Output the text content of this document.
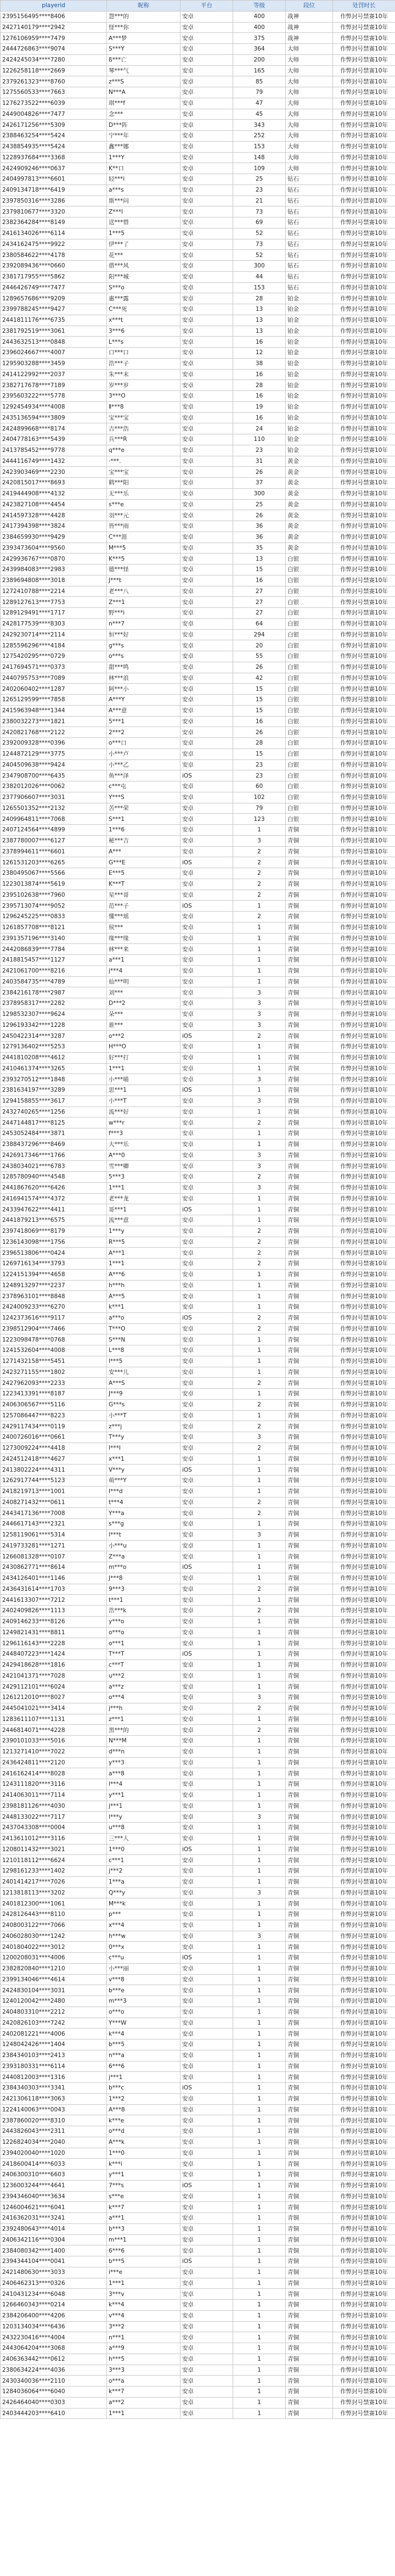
playerid	昵称	平台	等级	段位	处罚时长
2395156495****8406	怨***的	安卓	400	战神	作弊封号禁赛10年
2427140179****2942	怪***你	安卓	400	战神	作弊封号禁赛10年
1276106959****7479	A***梦	安卓	375	战神	作弊封号禁赛10年
2444726863****9074	S***Y	安卓	364	大师	作弊封号禁赛10年
2424245034****7280	ß***亡	安卓	200	大师	作弊封号禁赛10年
1226258118****2669	琴***气	安卓	165	大师	作弊封号禁赛10年
2379261323****8760	z***S	安卓	85	大师	作弊封号禁赛10年
1275560533****7663	N***A	安卓	79	大师	作弊封号禁赛10年
1276273522****6039	琪***f	安卓	47	大师	作弊封号禁赛10年
2449004826****7477	念***	安卓	45	大师	作弊封号禁赛10年
2426171256****5309	D***阵	安卓	343	大师	作弊封号禁赛10年
2388463254****5424	宁***年	安卓	252	大师	作弊封号禁赛10年
2438854935****5424	鑫***娜	安卓	153	大师	作弊封号禁赛10年
1228937684****3368	1***Y	安卓	148	大师	作弊封号禁赛10年
2424909246****0637	K**口	安卓	109	大师	作弊封号禁赛10年
2404997813****6601	轻***i	安卓	25	钻石	作弊封号禁赛10年
2409134718****6419	a***s	安卓	23	钻石	作弊封号禁赛10年
2397850316****3286	斯***问	安卓	21	钻石	作弊封号禁赛10年
2379810677****3320	Z***l	安卓	73	钻石	作弊封号禁赛10年
2382364284****8149	送***惜	安卓	69	钻石	作弊封号禁赛10年
2416134026****6114	1***5	安卓	52	钻石	作弊封号禁赛10年
2434162475****9922	伊***了	安卓	73	钻石	作弊封号禁赛10年
2380584622****4178	花***	安卓	52	钻石	作弊封号禁赛10年
2392089436****0660	借***风	安卓	300	钻石	作弊封号禁赛10年
2381717955****5862	阳***城	安卓	44	钻石	作弊封号禁赛10年
2446426749****7477	S***o	安卓	153	钻石	作弊封号禁赛10年
1289657686****9209	惠***露	安卓	28	铂金	作弊封号禁赛10年
2399788245****9427	C***死	安卓	13	铂金	作弊封号禁赛10年
2441811176****6735	x***t	安卓	13	铂金	作弊封号禁赛10年
2381792519****3061	3***6	安卓	13	铂金	作弊封号禁赛10年
2443632513****0848	L***s	安卓	16	铂金	作弊封号禁赛10年
2396024667****4007	口***口	安卓	12	铂金	作弊封号禁赛10年
1295903288****3459	浩***子	安卓	38	铂金	作弊封号禁赛10年
2414122992****2037	朱***末	安卓	16	铂金	作弊封号禁赛10年
2382717678****7189	岁***岁	安卓	28	铂金	作弊封号禁赛10年
2395603222****5778	3***O	安卓	16	铂金	作弊封号禁赛10年
1292454934****4008	Ⅱ***8	安卓	19	铂金	作弊封号禁赛10年
2435136594****3809	宝***宝	安卓	16	铂金	作弊封号禁赛10年
2424899668****8174	吉***浩	安卓	24	铂金	作弊封号禁赛10年
2404778163****5439	兵***R	安卓	110	铂金	作弊封号禁赛10年
2413785452****9778	q***e	安卓	23	铂金	作弊封号禁赛10年
2444116749****1432	·***.	安卓	31	黄金	作弊封号禁赛10年
2423903469****2230	宝***宝	安卓	26	黄金	作弊封号禁赛10年
2420815017****8693	鹤***阳	安卓	37	黄金	作弊封号禁赛10年
2419444908****4132	无***乐	安卓	300	黄金	作弊封号禁赛10年
2423827108****4454	s***e	安卓	25	黄金	作弊封号禁赛10年
2414597328****4428	羽***元	安卓	26	黄金	作弊封号禁赛10年
2417394398****3824	皆***雨	安卓	36	黄金	作弊封号禁赛10年
2384659930****9429	C***涯	安卓	36	黄金	作弊封号禁赛10年
2393473604****9560	M***5	安卓	35	黄金	作弊封号禁赛10年
2429936767****0870	K***5	安卓	13	白银	作弊封号禁赛10年
2439984083****2983	德***怪	安卓	15	白银	作弊封号禁赛10年
2389694808****3018	J***t	安卓	16	白银	作弊封号禁赛10年
1272410788****2214	老***八	安卓	27	白银	作弊封号禁赛10年
1289127613****7753	Z***1	安卓	27	白银	作弊封号禁赛10年
1289129491****1717	野***i	安卓	27	白银	作弊封号禁赛10年
2428177539****8303	n***7	安卓	64	白银	作弊封号禁赛10年
2429230714****2114	恒***好	安卓	294	白银	作弊封号禁赛10年
1285596296****4184	g***s	安卓	20	白银	作弊封号禁赛10年
1275420295****0729	o***s	安卓	55	白银	作弊封号禁赛10年
2417694571****0373	甜***鸣	安卓	26	白银	作弊封号禁赛10年
2440795753****7089	林***浪	安卓	42	白银	作弊封号禁赛10年
2402060402****1287	阿***小	安卓	15	白银	作弊封号禁赛10年
1265129599****7858	A***Y	安卓	15	白银	作弊封号禁赛10年
2415963948****1344	A***意	安卓	15	白银	作弊封号禁赛10年
2380032273****1821	5***1	安卓	16	白银	作弊封号禁赛10年
2420821768****2122	2***2	安卓	26	白银	作弊封号禁赛10年
2392009328****0396	o***口	安卓	28	白银	作弊封号禁赛10年
1244872129****3775	小***卢	安卓	15	白银	作弊封号禁赛10年
2404509638****9424	小***乙	安卓	23	白银	作弊封号禁赛10年
2347908700****6435	鱼***泽	iOS	23	白银	作弊封号禁赛10年
2382012026****0062	c***屯	安卓	60	白银	作弊封号禁赛10年
2377906607****3031	Y***S	安卓	102	白银	作弊封号禁赛10年
1265501352****2132	苦***荣	安卓	79	白银	作弊封号禁赛10年
2409964811****7068	S***1	安卓	123	白银	作弊封号禁赛10年
2407124564****4899	1***6	安卓	1	青铜	作弊封号禁赛10年
2387780007****6127	秘***吉	安卓	3	青铜	作弊封号禁赛10年
2378994611****6601	A***	安卓	2	青铜	作弊封号禁赛10年
1261531203****6265	G***E	iOS	2	青铜	作弊封号禁赛10年
2380495067****5566	E***5	安卓	2	青铜	作弊封号禁赛10年
1223013874****5619	K***T	安卓	2	青铜	作弊封号禁赛10年
2395102638****7960	星***哥	安卓	2	青铜	作弊封号禁赛10年
2395713074****9052	范***子	iOS	1	青铜	作弊封号禁赛10年
1296245225****0833	懂***瑶	安卓	2	青铜	作弊封号禁赛10年
1261857708****8121	侯***	安卓	1	青铜	作弊封号禁赛10年
2391357196****3140	缘***缘	安卓	1	青铜	作弊封号禁赛10年
2442086839****7784	林***来	安卓	1	青铜	作弊封号禁赛10年
2418815457****1127	a***1	安卓	1	青铜	作弊封号禁赛10年
2421061700****8216	j***4	安卓	1	青铜	作弊封号禁赛10年
2403584735****4789	仙***明	安卓	1	青铜	作弊封号禁赛10年
2384216178****2987	刘***	安卓	3	青铜	作弊封号禁赛10年
2378958317****2282	D***2	安卓	3	青铜	作弊封号禁赛10年
1298532307****9624	朵***	安卓	3	青铜	作弊封号禁赛10年
1296193342****1228	谁***	安卓	3	青铜	作弊封号禁赛10年
2450422314****3287	o***2	iOS	2	青铜	作弊封号禁赛10年
1279136402****5253	H***O	安卓	1	青铜	作弊封号禁赛10年
2441810208****4612	好***打	安卓	1	青铜	作弊封号禁赛10年
2410461374****3265	1***1	安卓	1	青铜	作弊封号禁赛10年
2393270512****1848	小***喵	安卓	3	青铜	作弊封号禁赛10年
2381634197****3289	思***1	iOS	1	青铜	作弊封号禁赛10年
1294158855****3617	小***T	安卓	3	青铜	作弊封号禁赛10年
2432740265****1256	流***好	安卓	1	青铜	作弊封号禁赛10年
2447144817****8125	w***r	安卓	2	青铜	作弊封号禁赛10年
2453052484****3871	f***3	安卓	1	青铜	作弊封号禁赛10年
2388437296****8469	大***乐	安卓	1	青铜	作弊封号禁赛10年
2426917346****1766	A***0	安卓	3	青铜	作弊封号禁赛10年
2438034021****6783	雪***卿	安卓	3	青铜	作弊封号禁赛10年
1285780940****4548	5***3	安卓	2	青铜	作弊封号禁赛10年
2441867620****6426	1***1	安卓	3	青铜	作弊封号禁赛10年
2416941574****4372	老***龙	安卓	1	青铜	作弊封号禁赛10年
2433947622****4411	哥***1	iOS	1	青铜	作弊封号禁赛10年
2441879213****6575	流***意	安卓	1	青铜	作弊封号禁赛10年
2397418069****8179	1***y	安卓	2	青铜	作弊封号禁赛10年
1236143098****1756	R***5	安卓	2	青铜	作弊封号禁赛10年
2396513806****0424	A***1	安卓	2	青铜	作弊封号禁赛10年
1269716134****3793	1***1	安卓	2	青铜	作弊封号禁赛10年
1224151394****4658	A***6	安卓	1	青铜	作弊封号禁赛10年
1248913297****2237	h***h	安卓	1	青铜	作弊封号禁赛10年
2378963101****8848	A***5	安卓	1	青铜	作弊封号禁赛10年
2424009233****6270	k***1	安卓	1	青铜	作弊封号禁赛10年
1242373616****9117	a***o	iOS	2	青铜	作弊封号禁赛10年
2398512904****7466	T***O	安卓	2	青铜	作弊封号禁赛10年
1223098478****0768	S***N	安卓	1	青铜	作弊封号禁赛10年
1241532604****4008	L***8	安卓	1	青铜	作弊封号禁赛10年
1271432158****5451	l***5	安卓	1	青铜	作弊封号禁赛10年
2423271155****1802	安***儿	安卓	1	青铜	作弊封号禁赛10年
2427962093****2233	A***S	安卓	2	青铜	作弊封号禁赛10年
1223413391****8187	J***9	安卓	1	青铜	作弊封号禁赛10年
2406306567****5116	G***s	安卓	2	青铜	作弊封号禁赛10年
1257086447****8223	小***T	安卓	1	青铜	作弊封号禁赛10年
2429117434****0119	z***j	安卓	2	青铜	作弊封号禁赛10年
2400726016****0661	T***y	安卓	3	青铜	作弊封号禁赛10年
1273009224****4418	I***I	安卓	2	青铜	作弊封号禁赛10年
2424512418****4627	x***1	安卓	1	青铜	作弊封号禁赛10年
2413802224****4311	V***y	iOS	1	青铜	作弊封号禁赛10年
1262917744****5123	萌***Y	安卓	1	青铜	作弊封号禁赛10年
2418219713****1001	I***d	安卓	1	青铜	作弊封号禁赛10年
2408271432****0611	t***4	安卓	2	青铜	作弊封号禁赛10年
2443417136****7008	Y***a	安卓	2	青铜	作弊封号禁赛10年
2446617143****2321	s***g	安卓	1	青铜	作弊封号禁赛10年
1258119061****5314	l***t	安卓	3	青铜	作弊封号禁赛10年
2419733281****1271	小***u	安卓	1	青铜	作弊封号禁赛10年
1266081328****0107	Z***a	安卓	1	青铜	作弊封号禁赛10年
2430862771****8614	m***o	iOS	1	青铜	作弊封号禁赛10年
2434126401****1146	J***8	安卓	1	青铜	作弊封号禁赛10年
2436431614****1703	9***3	安卓	2	青铜	作弊封号禁赛10年
2441613307****7212	t***1	安卓	1	青铜	作弊封号禁赛10年
2402409826****1113	浩***k	安卓	2	青铜	作弊封号禁赛10年
2409146233****8126	y***o	安卓	1	青铜	作弊封号禁赛10年
1249821431****8811	o***o	安卓	1	青铜	作弊封号禁赛10年
1296116143****2228	o***1	安卓	1	青铜	作弊封号禁赛10年
2448407223****1424	T***T	iOS	1	青铜	作弊封号禁赛10年
2429418628****1816	c***T	安卓	1	青铜	作弊封号禁赛10年
2421041371****7028	u***2	安卓	1	青铜	作弊封号禁赛10年
2429112101****6024	a***z	安卓	1	青铜	作弊封号禁赛10年
1261212010****8027	o***4	安卓	3	青铜	作弊封号禁赛10年
2445041021****3414	j***h	安卓	2	青铜	作弊封号禁赛10年
1283611107****1131	z***1	安卓	1	青铜	作弊封号禁赛10年
2446814071****4228	黑***的	安卓	2	青铜	作弊封号禁赛10年
2390101033****5016	N***M	安卓	1	青铜	作弊封号禁赛10年
1213271410****7022	d***n	安卓	1	青铜	作弊封号禁赛10年
2436424811****2120	y***3	安卓	1	青铜	作弊封号禁赛10年
2416162414****8028	a***8	安卓	1	青铜	作弊封号禁赛10年
1243111820****3116	l***4	安卓	1	青铜	作弊封号禁赛10年
2414063011****7114	y***1	安卓	1	青铜	作弊封号禁赛10年
2398181126****4030	j***1	安卓	1	青铜	作弊封号禁赛10年
2448133022****7117	l***y	安卓	3	青铜	作弊封号禁赛10年
2437043308****0004	u***8	安卓	1	青铜	作弊封号禁赛10年
2413611012****3116	三***人	安卓	1	青铜	作弊封号禁赛10年
1208011432****3021	1***0	iOS	1	青铜	作弊封号禁赛10年
1210118112****6624	c***1	安卓	1	青铜	作弊封号禁赛10年
1298161233****1402	j***2	安卓	1	青铜	作弊封号禁赛10年
2401414217****7026	1***a	安卓	1	青铜	作弊封号禁赛10年
1213818113****3202	Q***y	安卓	3	青铜	作弊封号禁赛10年
2401812300****1061	M***k	安卓	1	青铜	作弊封号禁赛10年
2428126443****8110	p***	安卓	1	青铜	作弊封号禁赛10年
2408003122****7066	x***4	安卓	1	青铜	作弊封号禁赛10年
2406028030****1242	h***w	安卓	3	青铜	作弊封号禁赛10年
2401804022****3012	0***x	安卓	1	青铜	作弊封号禁赛10年
1200208031****4006	c***u	iOS	1	青铜	作弊封号禁赛10年
2382820840****1210	小***丽	安卓	1	青铜	作弊封号禁赛10年
2399134046****4614	v***8	安卓	1	青铜	作弊封号禁赛10年
2424830104****3031	b***e	安卓	1	青铜	作弊封号禁赛10年
1240120042****2480	m***3	安卓	1	青铜	作弊封号禁赛10年
2404803310****2212	o***o	安卓	1	青铜	作弊封号禁赛10年
2420826103****7242	Y***W	安卓	1	青铜	作弊封号禁赛10年
2402081221****4006	k***4	安卓	1	青铜	作弊封号禁赛10年
1248042426****1404	b***5	安卓	1	青铜	作弊封号禁赛10年
2384340103****2413	n***a	安卓	1	青铜	作弊封号禁赛10年
2393180331****6114	6***6	安卓	1	青铜	作弊封号禁赛10年
2440812003****1316	j***1	安卓	1	青铜	作弊封号禁赛10年
2384340303****3341	b***c	iOS	1	青铜	作弊封号禁赛10年
2421306118****3063	1***2	安卓	1	青铜	作弊封号禁赛10年
1224140063****0043	A***8	安卓	1	青铜	作弊封号禁赛10年
2387860020****8310	k***e	安卓	1	青铜	作弊封号禁赛10年
2443826043****2311	o***d	安卓	1	青铜	作弊封号禁赛10年
1226824034****2040	A***k	安卓	1	青铜	作弊封号禁赛10年
2394020040****1020	1***0	安卓	1	青铜	作弊封号禁赛10年
2418600414****6033	k***i	安卓	1	青铜	作弊封号禁赛10年
2406300310****6603	y***1	安卓	1	青铜	作弊封号禁赛10年
1236003244****4641	7***s	iOS	1	青铜	作弊封号禁赛10年
2394346040****3634	s***e	安卓	1	青铜	作弊封号禁赛10年
1246004621****6041	k***7	安卓	1	青铜	作弊封号禁赛10年
2416362031****3241	a***1	安卓	1	青铜	作弊封号禁赛10年
2392480643****4014	b***3	安卓	1	青铜	作弊封号禁赛10年
2406342116****0304	m***1	安卓	1	青铜	作弊封号禁赛10年
2384080342****1400	6***6	安卓	1	青铜	作弊封号禁赛10年
2394344104****0041	b***5	iOS	1	青铜	作弊封号禁赛10年
2421480630****3033	i***e	安卓	1	青铜	作弊封号禁赛10年
2406462313****0326	1***1	安卓	1	青铜	作弊封号禁赛10年
2410431234****6048	3***v	安卓	1	青铜	作弊封号禁赛10年
1266460343****0214	k***4	安卓	1	青铜	作弊封号禁赛10年
2384206400****4206	v***4	安卓	1	青铜	作弊封号禁赛10年
1203134034****6436	3***2	安卓	1	青铜	作弊封号禁赛10年
2432230416****4004	n***1	安卓	1	青铜	作弊封号禁赛10年
2443064204****3068	a***9	安卓	1	青铜	作弊封号禁赛10年
2406363442****0612	h***5	安卓	1	青铜	作弊封号禁赛10年
2380634224****4036	3***3	安卓	1	青铜	作弊封号禁赛10年
2430340036****2110	o***a	安卓	1	青铜	作弊封号禁赛10年
1284036064****6040	k***7	安卓	1	青铜	作弊封号禁赛10年
2426464040****0303	a***2	安卓	1	青铜	作弊封号禁赛10年
2403444203****6410	1***1	安卓	1	青铜	作弊封号禁赛10年
